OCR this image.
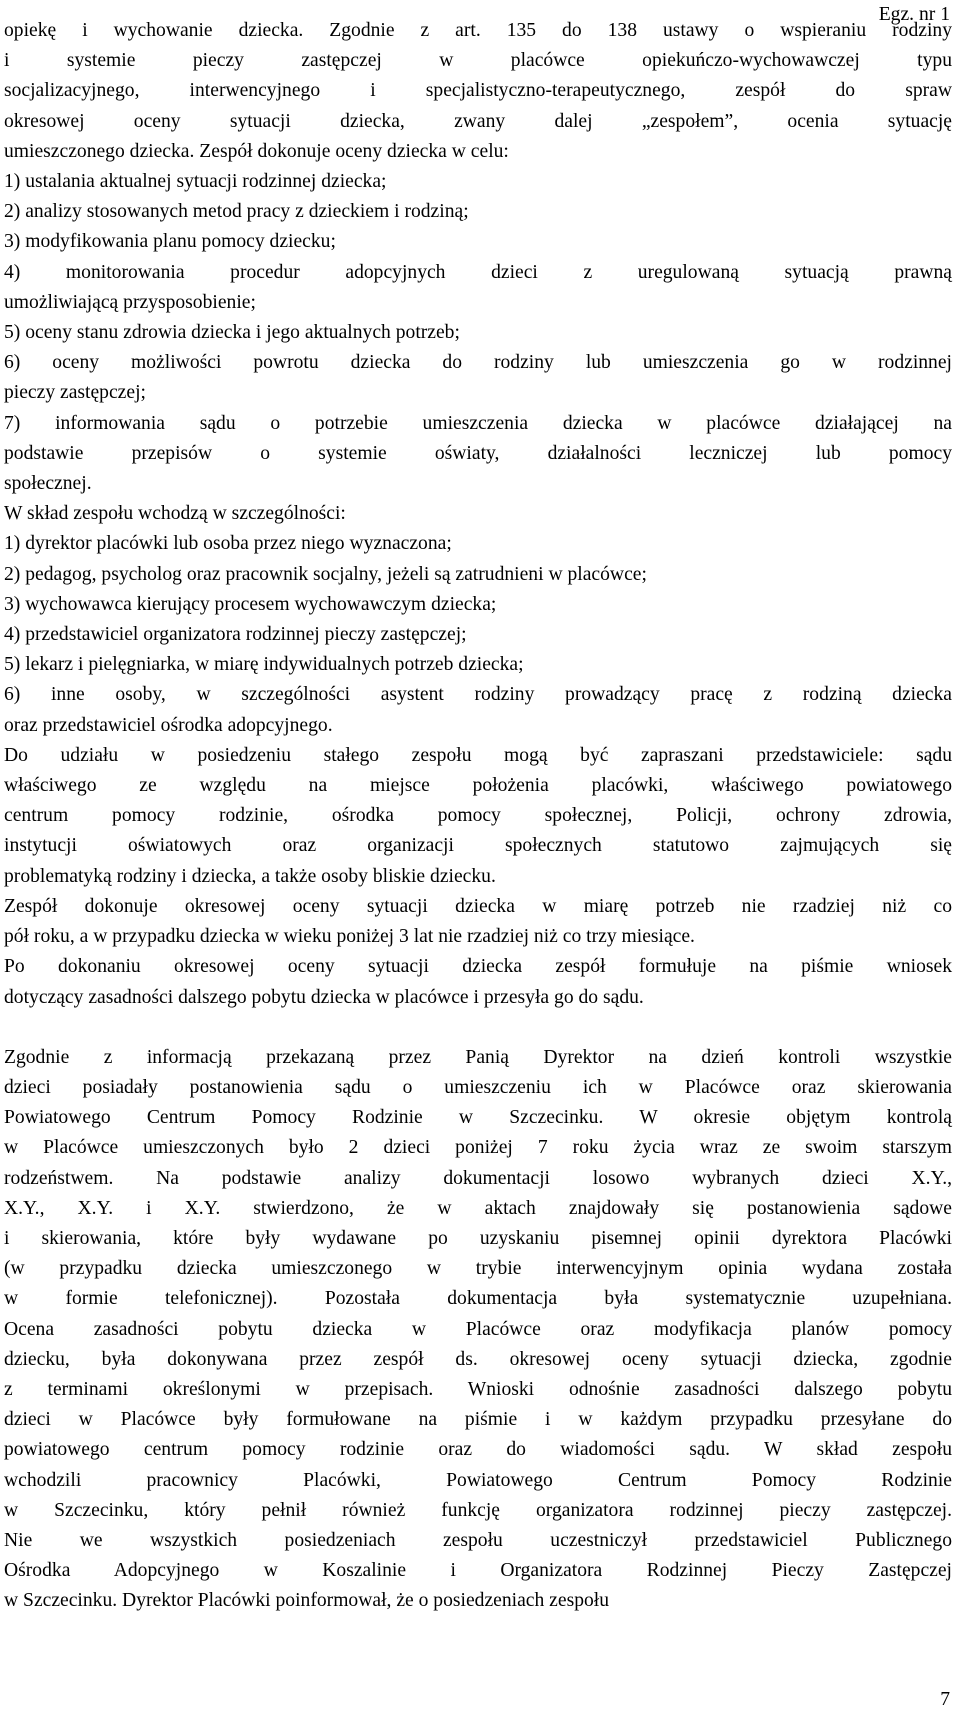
Egz. nr 1

opiekę i wychowanie dziecka. Zgodnie z art. 135 do 138 ustawy o wspieraniu rodziny
i systemie pieczy zastępczej w placówce opiekuńczo-wychowawczej typu
socjalizacyjnego, interwencyjnego i specjalistyczno-terapeutycznego, zespół do spraw
okresowej oceny sytuacji dziecka, zwany dalej „zespołem”, ocenia sytuację
umieszczonego dziecka. Zespół dokonuje oceny dziecka w celu:

1) ustalania aktualnej sytuacji rodzinnej dziecka;

2) analizy stosowanych metod pracy z dzieckiem i rodziną;

3) modyfikowania planu pomocy dziecku;

4) monitorowania procedur adopcyjnych dzieci z uregulowaną sytuacją prawną
umożliwiającą przysposobienie;

5) oceny stanu zdrowia dziecka i jego aktualnych potrzeb;

6) oceny możliwości powrotu dziecka do rodziny lub umieszczenia go w rodzinnej
pieczy zastępczej;

7) informowania sądu o potrzebie umieszczenia dziecka w placówce działającej na
podstawie przepisów o systemie oświaty, działalności leczniczej lub pomocy
społecznej.

W skład zespołu wchodzą w szczególności:

1) dyrektor placówki lub osoba przez niego wyznaczona;

2) pedagog, psycholog oraz pracownik socjalny, jeżeli są zatrudnieni w placówce;

3) wychowawca kierujący procesem wychowawczym dziecka;

4) przedstawiciel organizatora rodzinnej pieczy zastępczej;

5) lekarz i pielęgniarka, w miarę indywidualnych potrzeb dziecka;

6) inne osoby, w szczególności asystent rodziny prowadzący pracę z rodziną dziecka
oraz przedstawiciel ośrodka adopcyjnego.

Do udziału w posiedzeniu stałego zespołu mogą być zapraszani przedstawiciele: sądu
właściwego ze względu na miejsce położenia placówki, właściwego powiatowego
centrum pomocy rodzinie, ośrodka pomocy społecznej, Policji, ochrony zdrowia,
instytucji oświatowych oraz organizacji społecznych statutowo zajmujących się
problematyką rodziny i dziecka, a także osoby bliskie dziecku.

Zespół dokonuje okresowej oceny sytuacji dziecka w miarę potrzeb nie rzadziej niż co
pół roku, a w przypadku dziecka w wieku poniżej 3 lat nie rzadziej niż co trzy miesiące.

Po dokonaniu okresowej oceny sytuacji dziecka zespół formułuje na piśmie wniosek
dotyczący zasadności dalszego pobytu dziecka w placówce i przesyła go do sądu.

Zgodnie z informacją przekazaną przez Panią Dyrektor na dzień kontroli wszystkie
dzieci posiadały postanowienia sądu o umieszczeniu ich w Placówce oraz skierowania
Powiatowego Centrum Pomocy Rodzinie w Szczecinku. W okresie objętym kontrolą
w Placówce umieszczonych było 2 dzieci poniżej 7 roku życia wraz ze swoim starszym
rodzeństwem. Na podstawie analizy dokumentacji losowo wybranych dzieci X.Y.,
X.Y., X.Y. i X.Y. stwierdzono, że w aktach znajdowały się postanowienia sądowe
i skierowania, które były wydawane po uzyskaniu pisemnej opinii dyrektora Placówki
(w przypadku dziecka umieszczonego w trybie interwencyjnym opinia wydana została
w formie telefonicznej). Pozostała dokumentacja była systematycznie uzupełniana.
Ocena zasadności pobytu dziecka w Placówce oraz modyfikacja planów pomocy
dziecku, była dokonywana przez zespół ds. okresowej oceny sytuacji dziecka, zgodnie
z terminami określonymi w przepisach. Wnioski odnośnie zasadności dalszego pobytu
dzieci w Placówce były formułowane na piśmie i w każdym przypadku przesyłane do
powiatowego centrum pomocy rodzinie oraz do wiadomości sądu. W skład zespołu
wchodzili pracownicy Placówki, Powiatowego Centrum Pomocy Rodzinie
w Szczecinku, który pełnił również funkcję organizatora rodzinnej pieczy zastępczej.
Nie we wszystkich posiedzeniach zespołu uczestniczył przedstawiciel Publicznego
Ośrodka Adopcyjnego w Koszalinie i Organizatora Rodzinnej Pieczy Zastępczej
w Szczecinku. Dyrektor Placówki poinformował, że o posiedzeniach zespołu

7
